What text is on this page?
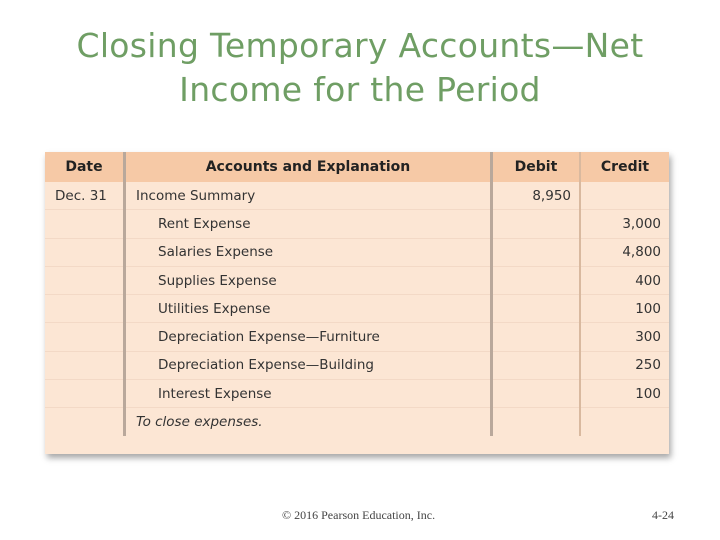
Closing Temporary Accounts—Net
Income for the Period
Date	Accounts and Explanation	Debit	Credit
Dec. 31	Income Summary	8,950	
	Rent Expense		3,000
	Salaries Expense		4,800
	Supplies Expense		400
	Utilities Expense		100
	Depreciation Expense—Furniture		300
	Depreciation Expense—Building		250
	Interest Expense		100
	To close expenses.		
© 2016 Pearson Education, Inc.	4-24
